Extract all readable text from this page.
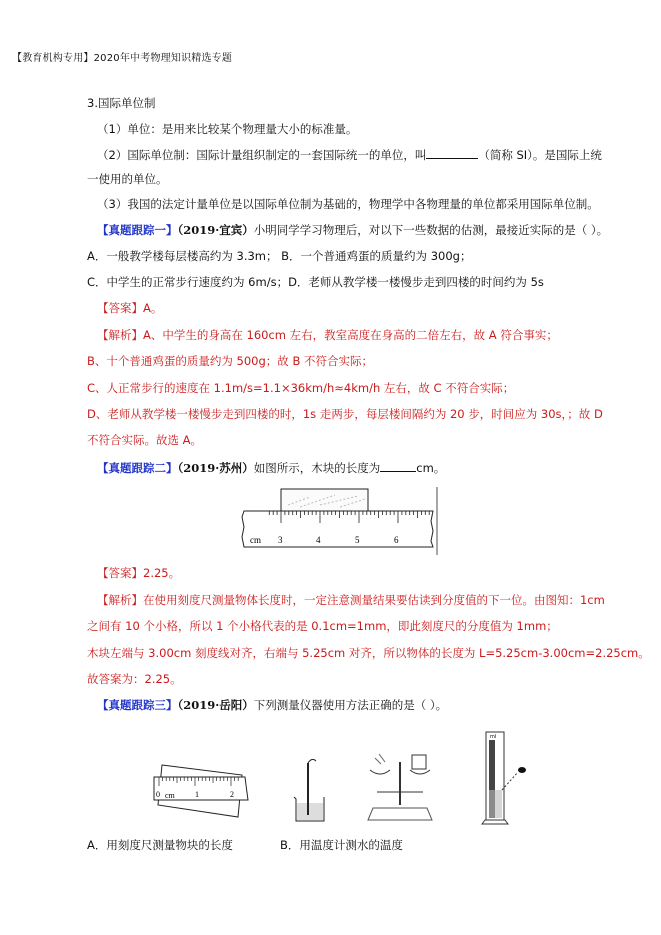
【教育机构专用】2020年中考物理知识精选专题
3.国际单位制
（1）单位：是用来比较某个物理量大小的标准量。
（2）国际单位制：国际计量组织制定的一套国际统一的单位，叫	（简称 SI）。是国际上统
一使用的单位。
（3）我国的法定计量单位是以国际单位制为基础的，物理学中各物理量的单位都采用国际单位制。
【真题跟踪一】（2019·宜宾）小明同学学习物理后，对以下一些数据的估测，最接近实际的是（ ）。
A．一般教学楼每层楼高约为 3.3m； B．一个普通鸡蛋的质量约为 300g；
C．中学生的正常步行速度约为 6m/s；D．老师从教学楼一楼慢步走到四楼的时间约为 5s
【答案】A。
【解析】A、中学生的身高在 160cm 左右，教室高度在身高的二倍左右，故 A 符合事实；
B、十个普通鸡蛋的质量约为 500g；故 B 不符合实际；
C、人正常步行的速度在 1.1m/s=1.1×36km/h≈4km/h 左右，故 C 不符合实际；
D、老师从教学楼一楼慢步走到四楼的时，1s 走两步，每层楼间隔约为 20 步，时间应为 30s，；故 D
不符合实际。故选 A。
【真题跟踪二】（2019·苏州）如图所示，木块的长度为	cm。
cm 3	4	5	6
【答案】2.25。
【解析】在使用刻度尺测量物体长度时，一定注意测量结果要估读到分度值的下一位。由图知：1cm
之间有 10 个小格，所以 1 个小格代表的是 0.1cm=1mm，即此刻度尺的分度值为 1mm；
木块左端与 3.00cm 刻度线对齐，右端与 5.25cm 对齐，所以物体的长度为 L=5.25cm-3.00cm=2.25cm。
故答案为：2.25。
【真题跟踪三】（2019·岳阳）下列测量仪器使用方法正确的是（ ）。
0 cm	1	2
ml
A．用刻度尺测量物块的长度	B．用温度计测水的温度
